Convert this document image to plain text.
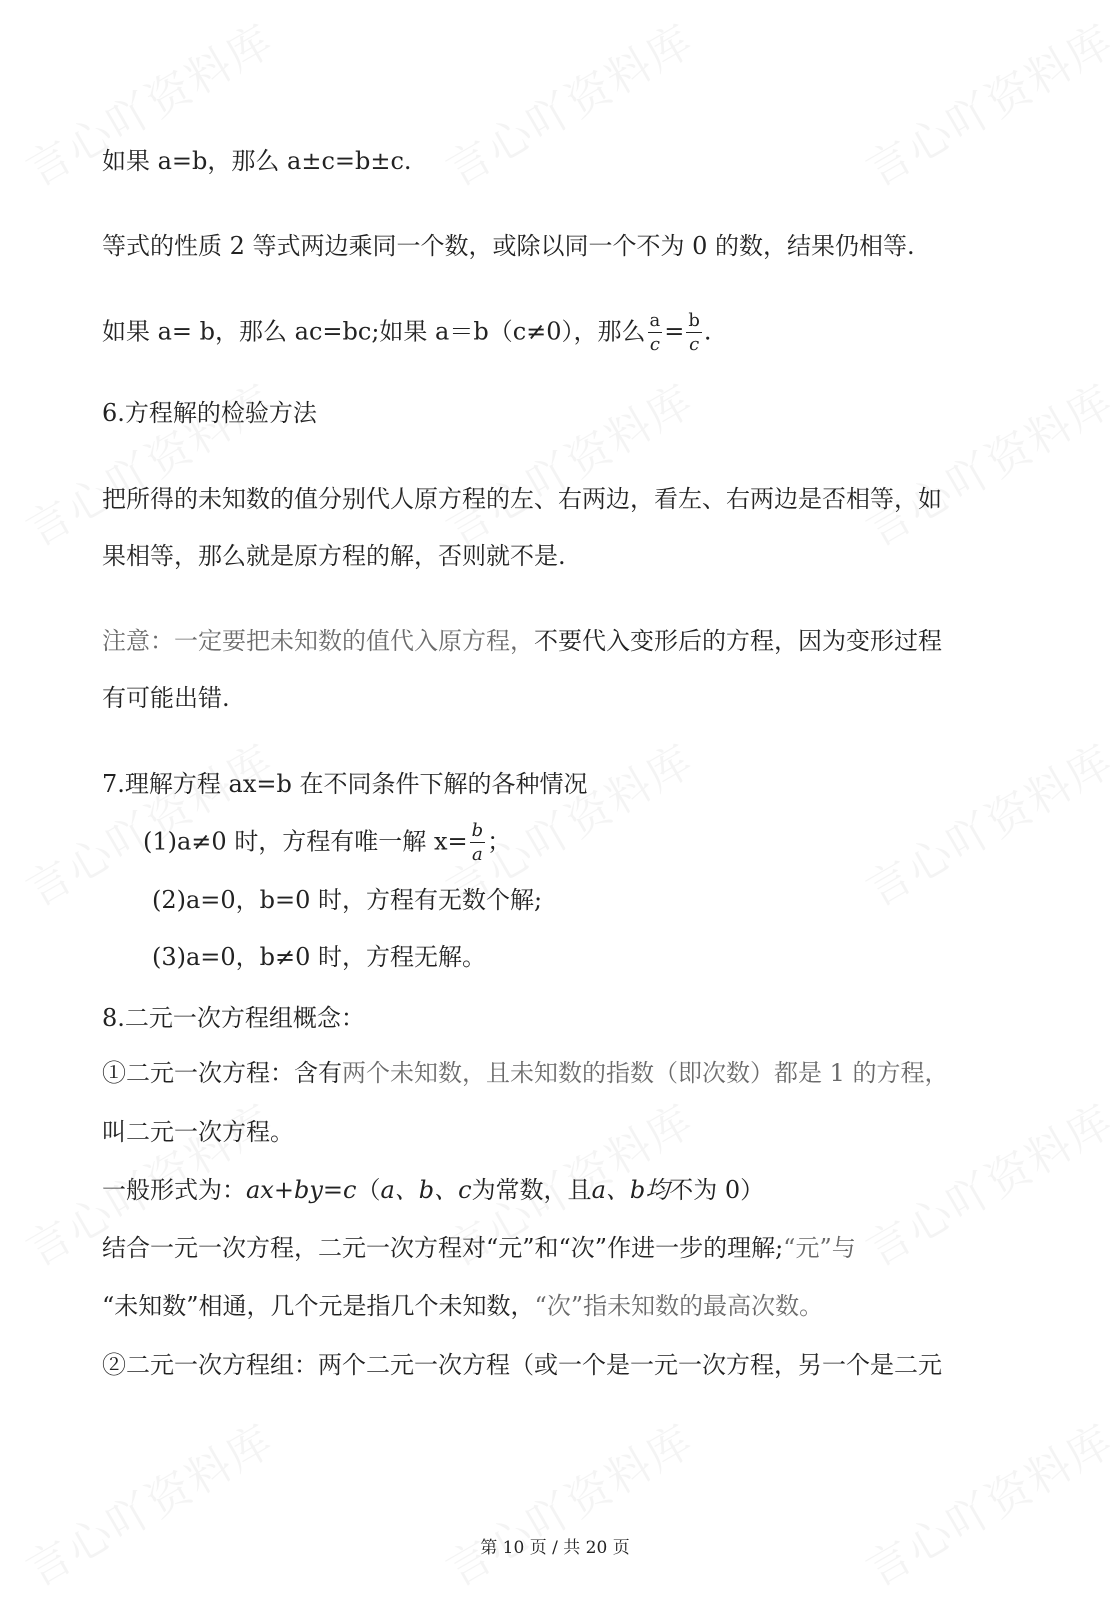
如果 a=b，那么 a±c=b±c.
等式的性质 2 等式两边乘同一个数，或除以同一个不为 0 的数，结果仍相等.
如果 a= b，那么 ac=bc;如果 a＝b（c≠0），那么 $\frac{a}{c} = \frac{b}{c}$ .
6.方程解的检验方法
把所得的未知数的值分别代人原方程的左、右两边，看左、右两边是否相等，如
果相等，那么就是原方程的解，否则就不是.
注意：一定要把未知数的值代入原方程，不要代入变形后的方程，因为变形过程
有可能出错.
7.理解方程 ax=b 在不同条件下解的各种情况
(1)a≠0 时，方程有唯一解 $x= \frac{b}{a}$ ；
(2)a=0，b=0 时，方程有无数个解;
(3)a=0，b≠0 时，方程无解。
8.二元一次方程组概念：
①二元一次方程：含有两个未知数，且未知数的指数（即次数）都是 1 的方程，
叫二元一次方程。
一般形式为：ax+by=c（a、b、c为常数，且a、b均不为 0）
结合一元一次方程，二元一次方程对“元”和“次”作进一步的理解;“元”与
“未知数”相通，几个元是指几个未知数，“次”指未知数的最高次数。
②二元一次方程组：两个二元一次方程（或一个是一元一次方程，另一个是二元
第 10 页 / 共 20 页
